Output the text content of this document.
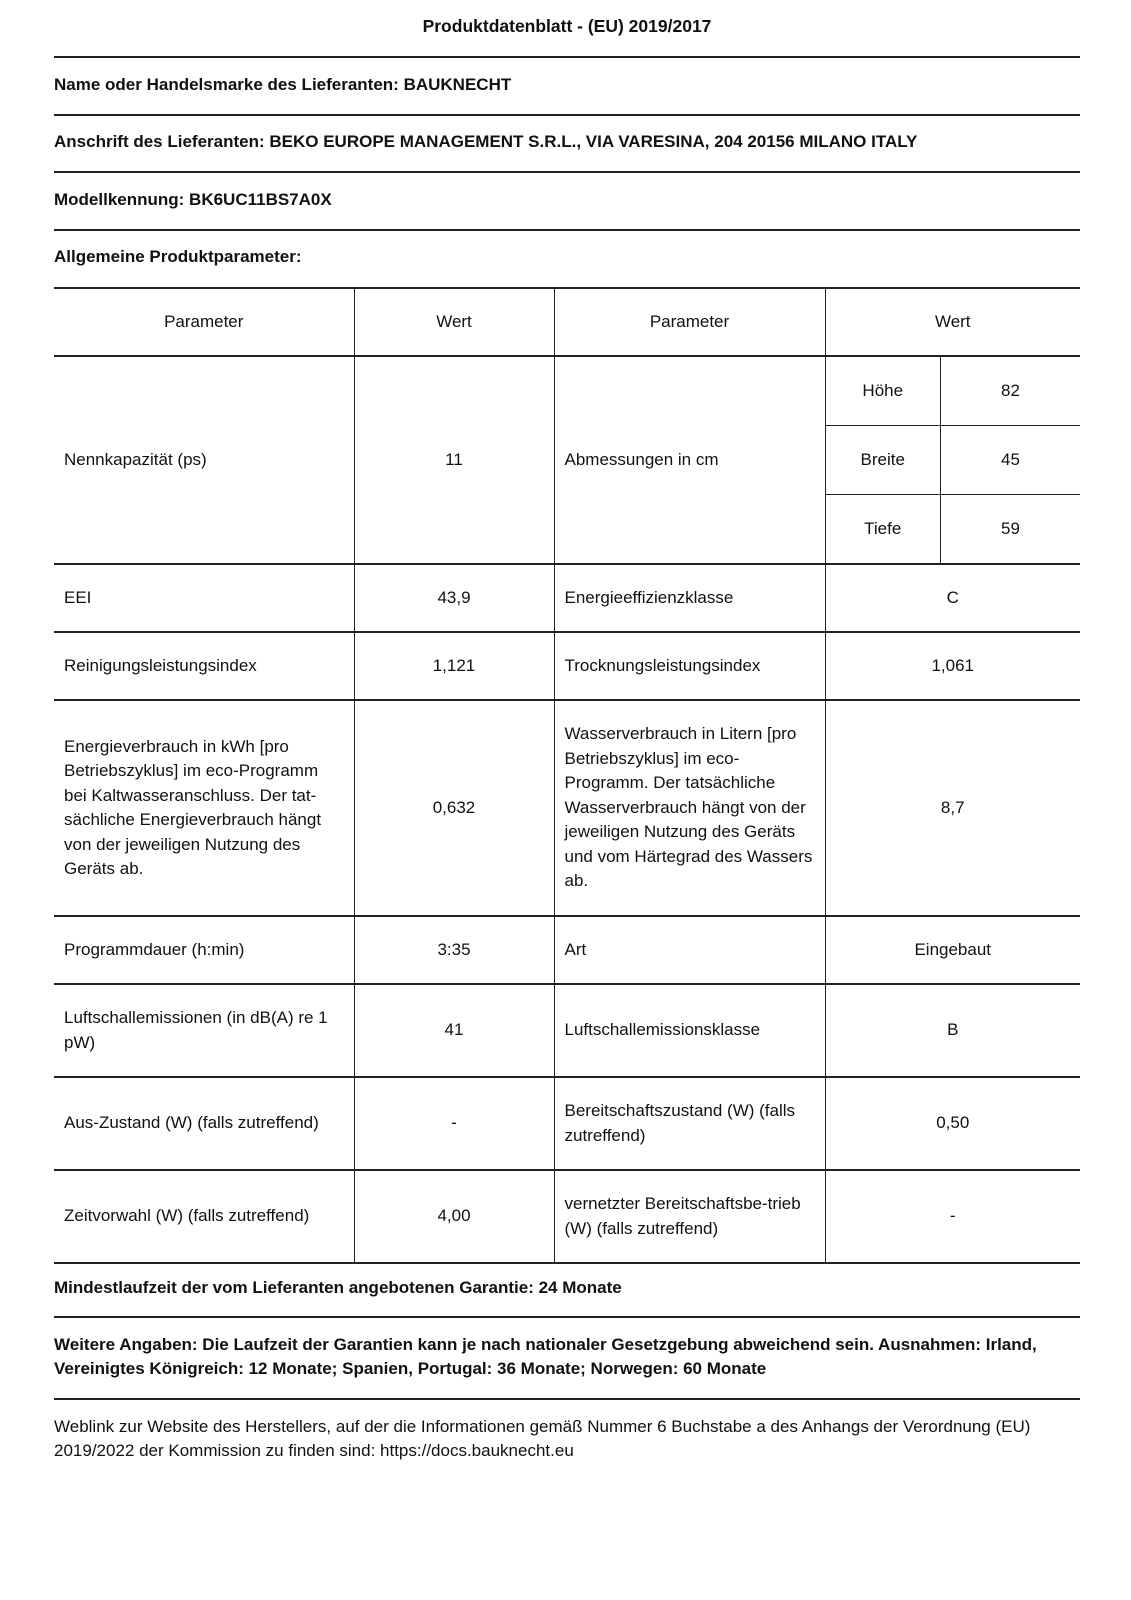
Produktdatenblatt - (EU) 2019/2017
Name oder Handelsmarke des Lieferanten: BAUKNECHT
Anschrift des Lieferanten: BEKO EUROPE MANAGEMENT S.R.L., VIA VARESINA, 204 20156 MILANO ITALY
Modellkennung: BK6UC11BS7A0X
Allgemeine Produktparameter:
Parameter	Wert	Parameter	Wert
Nennkapazität (ps)	11	Abmessungen in cm	
Höhe	82
Breite	45
Tiefe	59

EEI	43,9	Energieeffizienzklasse	C
Reinigungsleistungsindex	1,121	Trocknungsleistungsindex	1,061
Energieverbrauch in kWh [pro Betriebszyklus] im eco-Programm bei Kaltwasseranschluss. Der tat-sächliche Energieverbrauch hängt von der jeweiligen Nutzung des Geräts ab.	0,632	Wasserverbrauch in Litern [pro Betriebszyklus] im eco-Programm. Der tatsächliche Wasserverbrauch hängt von der jeweiligen Nutzung des Geräts und vom Härtegrad des Wassers ab.	8,7
Programmdauer (h:min)	3:35	Art	Eingebaut
Luftschallemissionen (in dB(A) re 1 pW)	41	Luftschallemissionsklasse	B
Aus-Zustand (W) (falls zutreffend)	-	Bereitschaftszustand (W) (falls zutreffend)	0,50
Zeitvorwahl (W) (falls zutreffend)	4,00	vernetzter Bereitschaftsbe-trieb (W) (falls zutreffend)	-
Mindestlaufzeit der vom Lieferanten angebotenen Garantie: 24 Monate
Weitere Angaben: Die Laufzeit der Garantien kann je nach nationaler Gesetzgebung abweichend sein. Ausnahmen: Irland, Vereinigtes Königreich: 12 Monate; Spanien, Portugal: 36 Monate; Norwegen: 60 Monate
Weblink zur Website des Herstellers, auf der die Informationen gemäß Nummer 6 Buchstabe a des Anhangs der Verordnung (EU) 2019/2022 der Kommission zu finden sind: https://docs.bauknecht.eu
